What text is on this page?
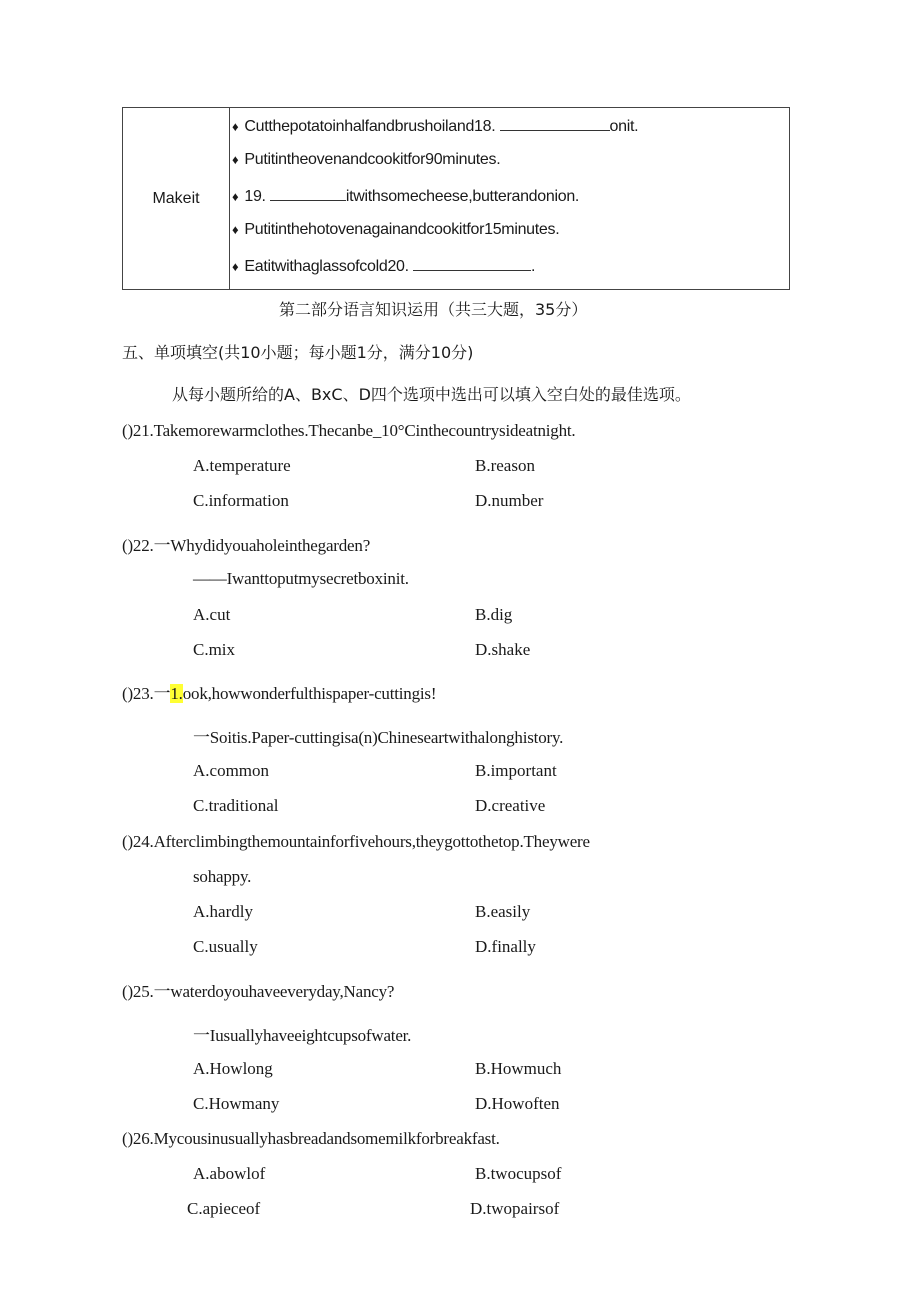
Makeit	
♦ Cutthepotatoinhalfandbrushoiland18.	onit.
♦ Putitintheovenandcookitfor90minutes.
♦ 19.	itwithsomecheese,butterandonion.
♦ Putitinthehotovenagainandcookitfor15minutes.
♦ Eatitwithaglassofcold20.	.
第二部分语言知识运用（共三大题，35分）
五、单项填空(共10小题；每小题1分，满分10分)
从每小题所给的A、BxC、D四个选项中选出可以填入空白处的最佳选项。
()21.Takemorewarmclothes.Thecanbe_10°Cinthecountrysideatnight.
A.temperature	B.reason
C.information	D.number
()22.一Whydidyouaholeinthegarden?
——Iwanttoputmysecretboxinit.
A.cut	B.dig
C.mix	D.shake
()23.一1.ook,howwonderfulthispaper-cuttingis!
一Soitis.Paper-cuttingisa(n)Chineseartwithalonghistory.
A.common	B.important
C.traditional	D.creative
()24.Afterclimbingthemountainforfivehours,theygottothetop.Theywere
sohappy.
A.hardly	B.easily
C.usually	D.finally
()25.一waterdoyouhaveeveryday,Nancy?
一Iusuallyhaveeightcupsofwater.
A.Howlong	B.Howmuch
C.Howmany	D.Howoften
()26.Mycousinusuallyhasbreadandsomemilkforbreakfast.
A.abowlof	B.twocupsof
C.apieceof	D.twopairsof
